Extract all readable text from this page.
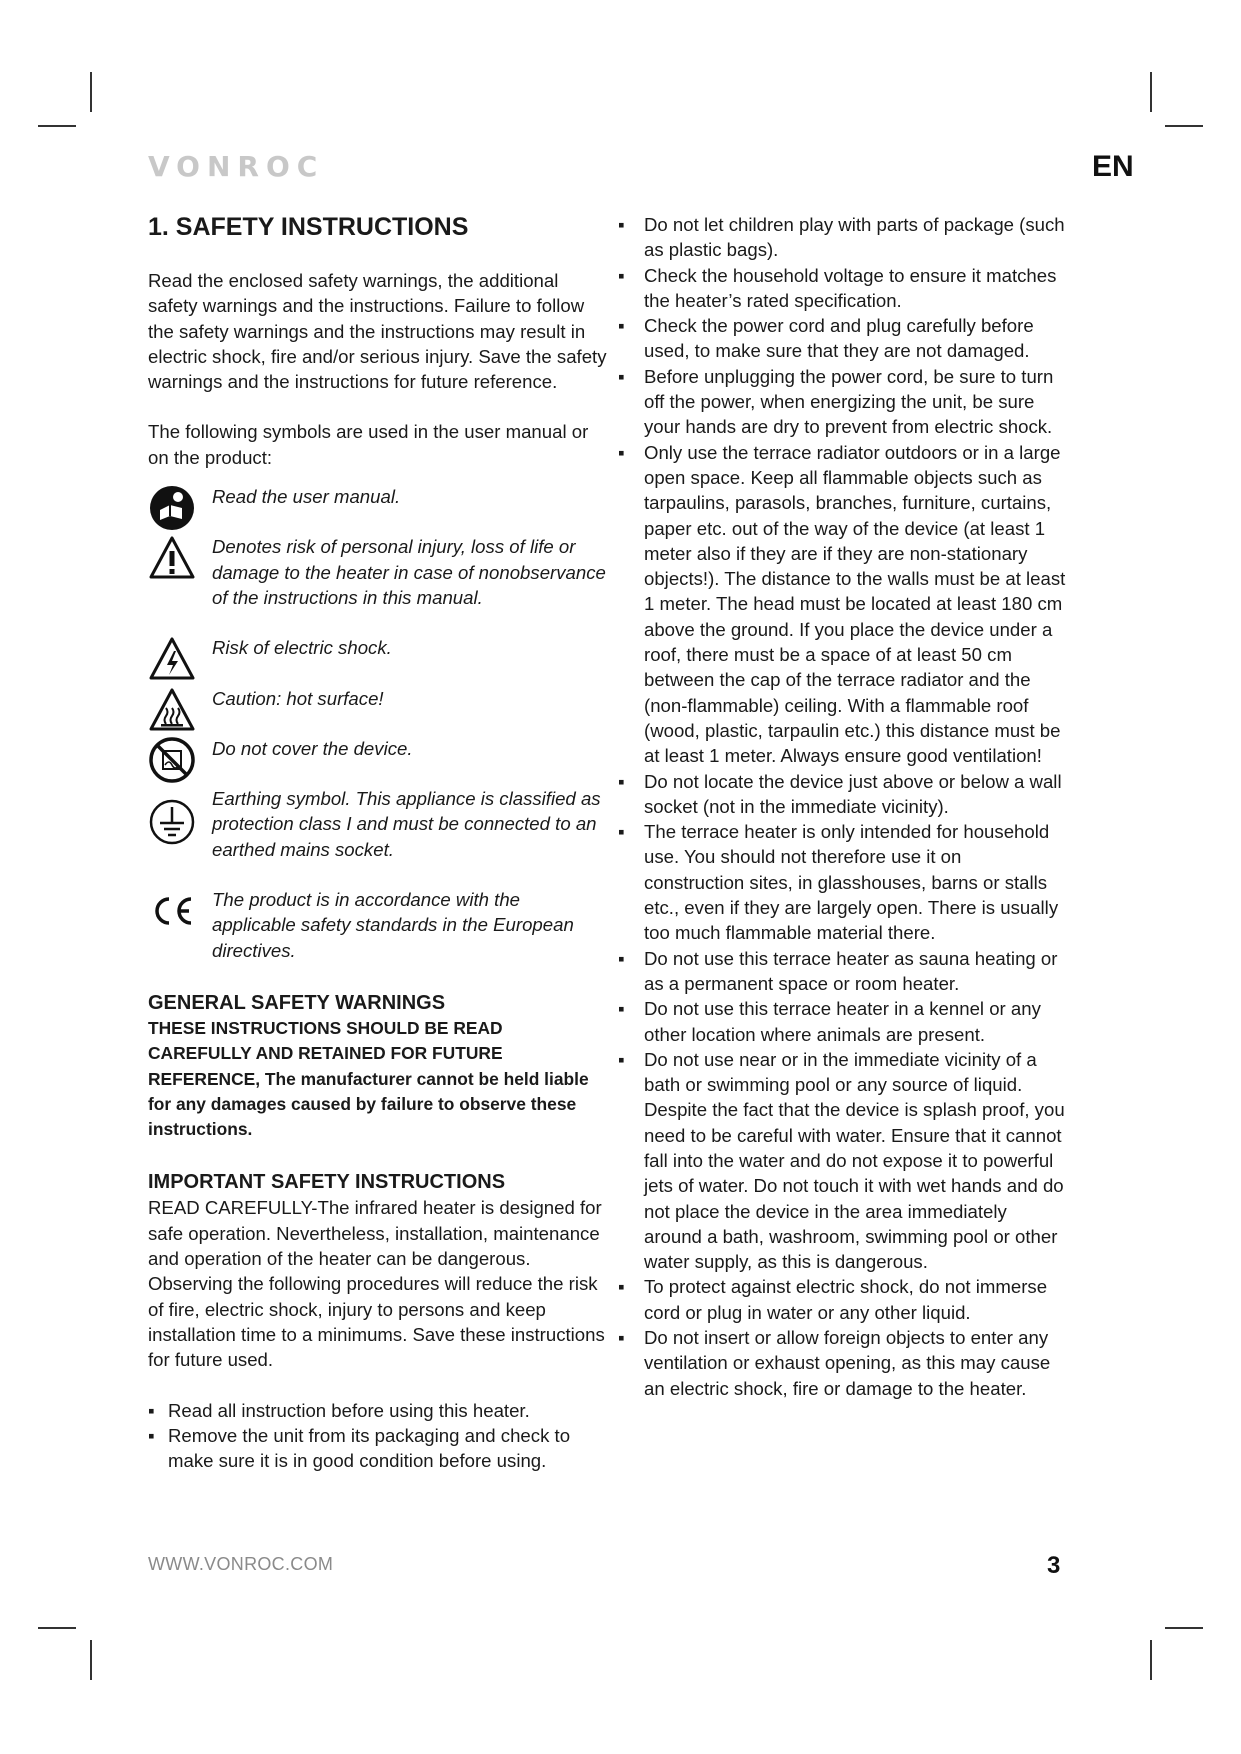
VONROC	EN
1. SAFETY INSTRUCTIONS

Read the enclosed safety warnings, the additional safety warnings and the instructions. Failure to follow the safety warnings and the instructions may result in electric shock, fire and/or serious injury. Save the safety warnings and the instructions for future reference.

The following symbols are used in the user manual or on the product:

Read the user manual.
Denotes risk of personal injury, loss of life or damage to the heater in case of nonobservance of the instructions in this manual.
Risk of electric shock.
Caution: hot surface!
Do not cover the device.
Earthing symbol. This appliance is classified as protection class I and must be connected to an earthed mains socket.
The product is in accordance with the applicable safety standards in the European directives.
GENERAL SAFETY WARNINGS

THESE INSTRUCTIONS SHOULD BE READ CAREFULLY AND RETAINED FOR FUTURE REFERENCE, The manufacturer cannot be held liable for any damages caused by failure to observe these instructions.

IMPORTANT SAFETY INSTRUCTIONS

READ CAREFULLY-The infrared heater is designed for safe operation. Nevertheless, installation, maintenance and operation of the heater can be dangerous. Observing the following procedures will reduce the risk of fire, electric shock, injury to persons and keep installation time to a minimums. Save these instructions for future used.

▪ Read all instruction before using this heater.
▪ Remove the unit from its packaging and check to make sure it is in good condition before using.
▪ Do not let children play with parts of package (such as plastic bags).
▪ Check the household voltage to ensure it matches the heater’s rated specification.
▪ Check the power cord and plug carefully before used, to make sure that they are not damaged.
▪ Before unplugging the power cord, be sure to turn off the power, when energizing the unit, be sure your hands are dry to prevent from electric shock.
▪ Only use the terrace radiator outdoors or in a large open space. Keep all flammable objects such as tarpaulins, parasols, branches, furniture, curtains, paper etc. out of the way of the device (at least 1 meter also if they are if they are non-stationary objects!). The distance to the walls must be at least 1 meter. The head must be located at least 180 cm above the ground. If you place the device under a roof, there must be a space of at least 50 cm between the cap of the terrace radiator and the (non-flammable) ceiling. With a flammable roof (wood, plastic, tarpaulin etc.) this distance must be at least 1 meter. Always ensure good ventilation!
▪ Do not locate the device just above or below a wall socket (not in the immediate vicinity).
▪ The terrace heater is only intended for household use. You should not therefore use it on construction sites, in glasshouses, barns or stalls etc., even if they are largely open. There is usually too much flammable material there.
▪ Do not use this terrace heater as sauna heating or as a permanent space or room heater.
▪ Do not use this terrace heater in a kennel or any other location where animals are present.
▪ Do not use near or in the immediate vicinity of a bath or swimming pool or any source of liquid. Despite the fact that the device is splash proof, you need to be careful with water. Ensure that it cannot fall into the water and do not expose it to powerful jets of water. Do not touch it with wet hands and do not place the device in the area immediately around a bath, washroom, swimming pool or other water supply, as this is dangerous.
▪ To protect against electric shock, do not immerse cord or plug in water or any other liquid.
▪ Do not insert or allow foreign objects to enter any ventilation or exhaust opening, as this may cause an electric shock, fire or damage to the heater.
WWW.VONROC.COM	3
